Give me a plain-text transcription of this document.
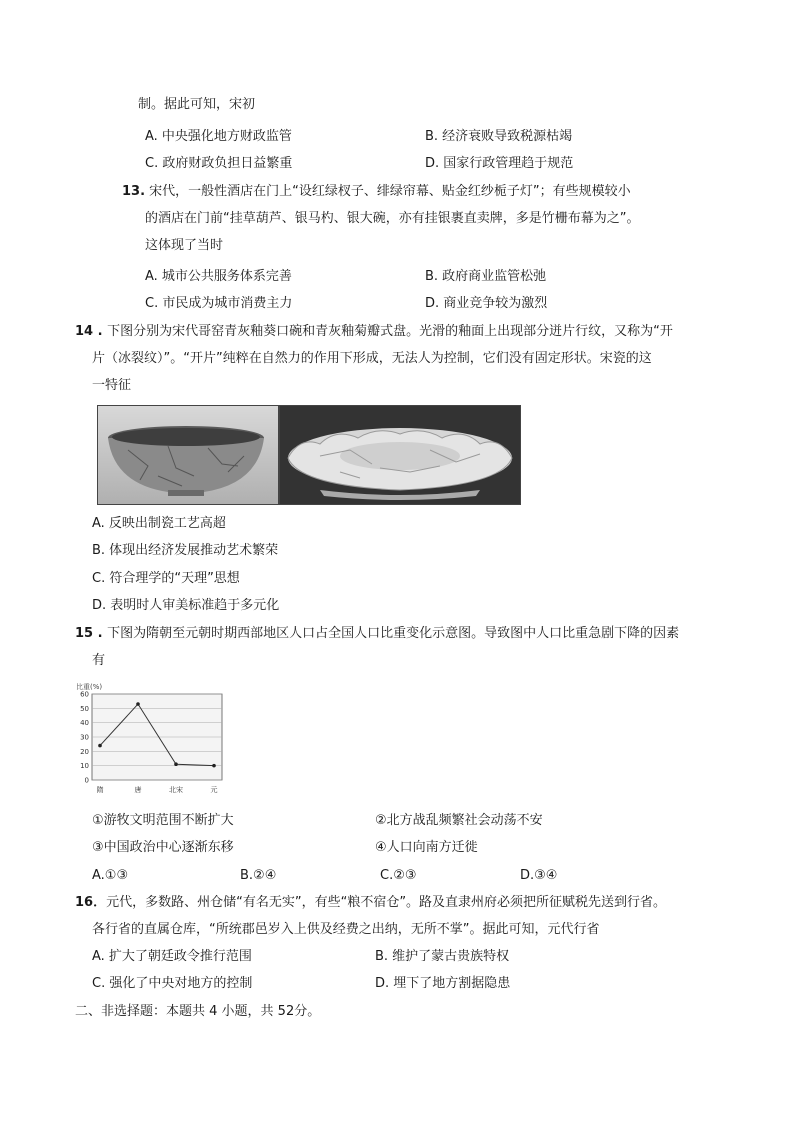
制。据此可知，宋初
A. 中央强化地方财政监管	B. 经济衰败导致税源枯竭
C. 政府财政负担日益繁重	D. 国家行政管理趋于规范
13. 宋代，一般性酒店在门上“设红绿杈子、绯绿帘幕、贴金红纱栀子灯”；有些规模较小
的酒店在门前“挂草葫芦、银马杓、银大碗，亦有挂银裹直卖牌，多是竹栅布幕为之”。
这体现了当时
A. 城市公共服务体系完善	B. 政府商业监管松弛
C. 市民成为城市消费主力	D. 商业竞争较为激烈
14 . 下图分别为宋代哥窑青灰釉葵口碗和青灰釉菊瓣式盘。光滑的釉面上出现部分迸片行纹，又称为“开
片（冰裂纹）”。“开片”纯粹在自然力的作用下形成，无法人为控制，它们没有固定形状。宋瓷的这
一特征
A. 反映出制瓷工艺高超
B. 体现出经济发展推动艺术繁荣
C. 符合理学的“天理”思想
D. 表明时人审美标准趋于多元化
15 . 下图为隋朝至元朝时期西部地区人口占全国人口比重变化示意图。导致图中人口比重急剧下降的因素
有
比重(%)
0
10
20
30
40
50
60
隋	唐	北宋	元
①游牧文明范围不断扩大	②北方战乱频繁社会动荡不安
③中国政治中心逐渐东移	④人口向南方迁徙
A.①③	B.②④	C.②③	D.③④
16．元代，多数路、州仓储“有名无实”，有些“粮不宿仓”。路及直隶州府必须把所征赋税先送到行省。
各行省的直属仓库，“所统郡邑岁入上供及经费之出纳，无所不掌”。据此可知，元代行省
A. 扩大了朝廷政令推行范围	B. 维护了蒙古贵族特权
C. 强化了中央对地方的控制	D. 埋下了地方割据隐患
二、非选择题：本题共 4 小题，共 52分。
